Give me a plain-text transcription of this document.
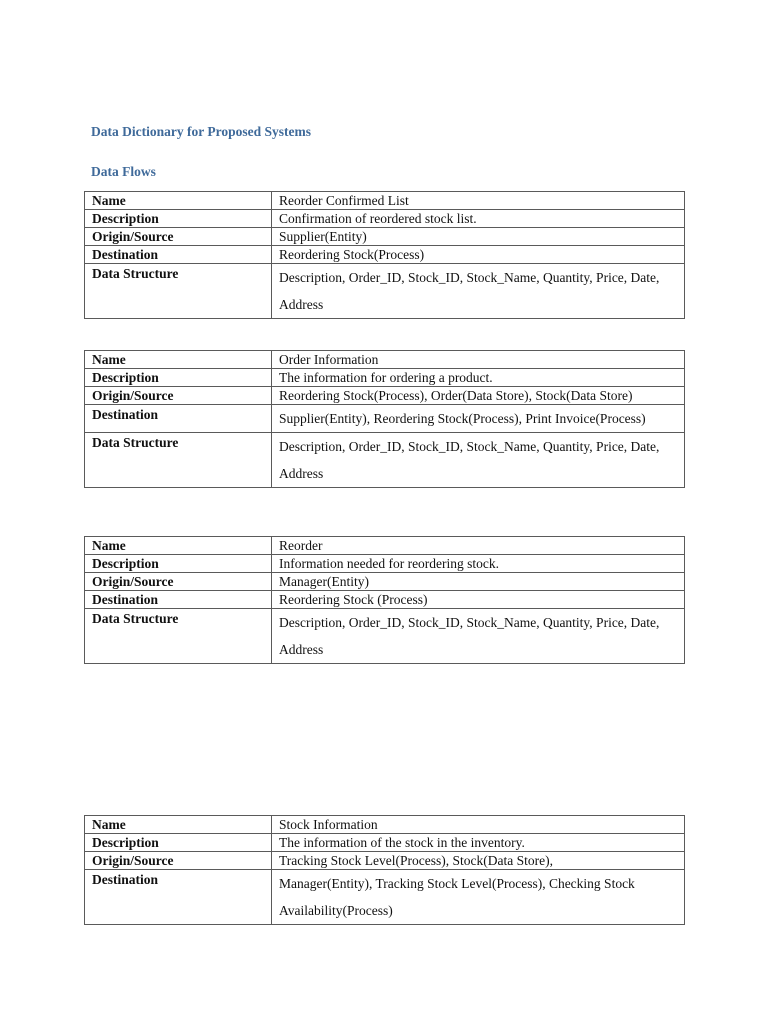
Data Dictionary for Proposed Systems
Data Flows
Name	Reorder Confirmed List
Description	Confirmation of reordered stock list.
Origin/Source	Supplier(Entity)
Destination	Reordering Stock(Process)
Data Structure	Description, Order_ID, Stock_ID, Stock_Name, Quantity, Price, Date, Address
Name	Order Information
Description	The information for ordering a product.
Origin/Source	Reordering Stock(Process), Order(Data Store), Stock(Data Store)
Destination	Supplier(Entity), Reordering Stock(Process), Print Invoice(Process)
Data Structure	Description, Order_ID, Stock_ID, Stock_Name, Quantity, Price, Date, Address
Name	Reorder
Description	Information needed for reordering stock.
Origin/Source	Manager(Entity)
Destination	Reordering Stock (Process)
Data Structure	Description, Order_ID, Stock_ID, Stock_Name, Quantity, Price, Date, Address
Name	Stock Information
Description	The information of the stock in the inventory.
Origin/Source	Tracking Stock Level(Process), Stock(Data Store),
Destination	Manager(Entity), Tracking Stock Level(Process), Checking Stock Availability(Process)
